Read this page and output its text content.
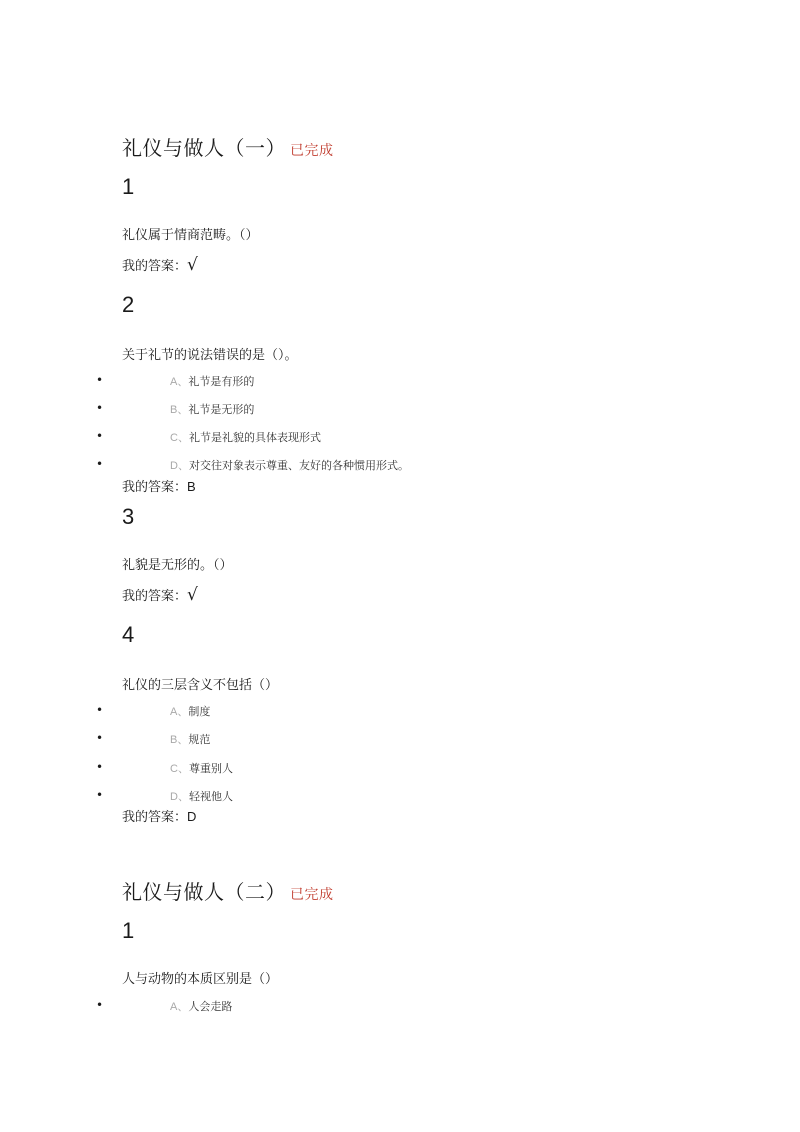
礼仪与做人（一） 已完成
1
礼仪属于情商范畴。（）
我的答案：√
2
关于礼节的说法错误的是（）。
•	A、礼节是有形的
•	B、礼节是无形的
•	C、礼节是礼貌的具体表现形式
•	D、对交往对象表示尊重、友好的各种惯用形式。
我的答案：B
3
礼貌是无形的。（）
我的答案：√
4
礼仪的三层含义不包括（）
•	A、制度
•	B、规范
•	C、尊重别人
•	D、轻视他人
我的答案：D
礼仪与做人（二） 已完成
1
人与动物的本质区别是（）
•	A、人会走路
